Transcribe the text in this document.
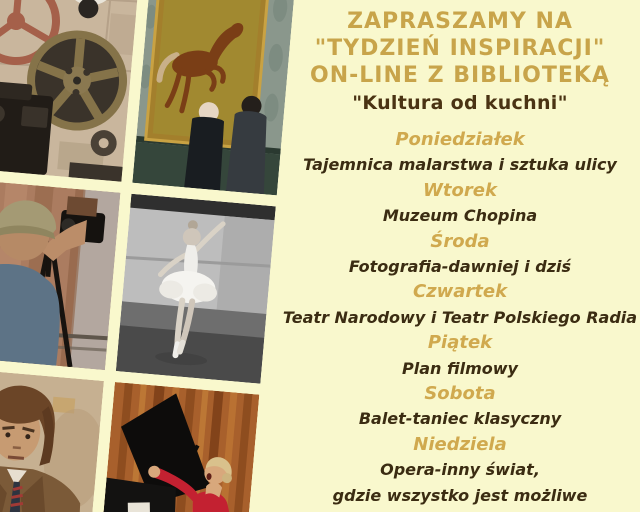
ZAPRASZAMY NA
"TYDZIEŃ INSPIRACJI"
ON-LINE Z BIBLIOTEKĄ
"Kultura od kuchni"
Poniedziałek
Tajemnica malarstwa i sztuka ulicy
Wtorek
Muzeum Chopina
Środa
Fotografia-dawniej i dziś
Czwartek
Teatr Narodowy i Teatr Polskiego Radia
Piątek
Plan filmowy
Sobota
Balet-taniec klasyczny
Niedziela
Opera-inny świat,
gdzie wszystko jest możliwe
